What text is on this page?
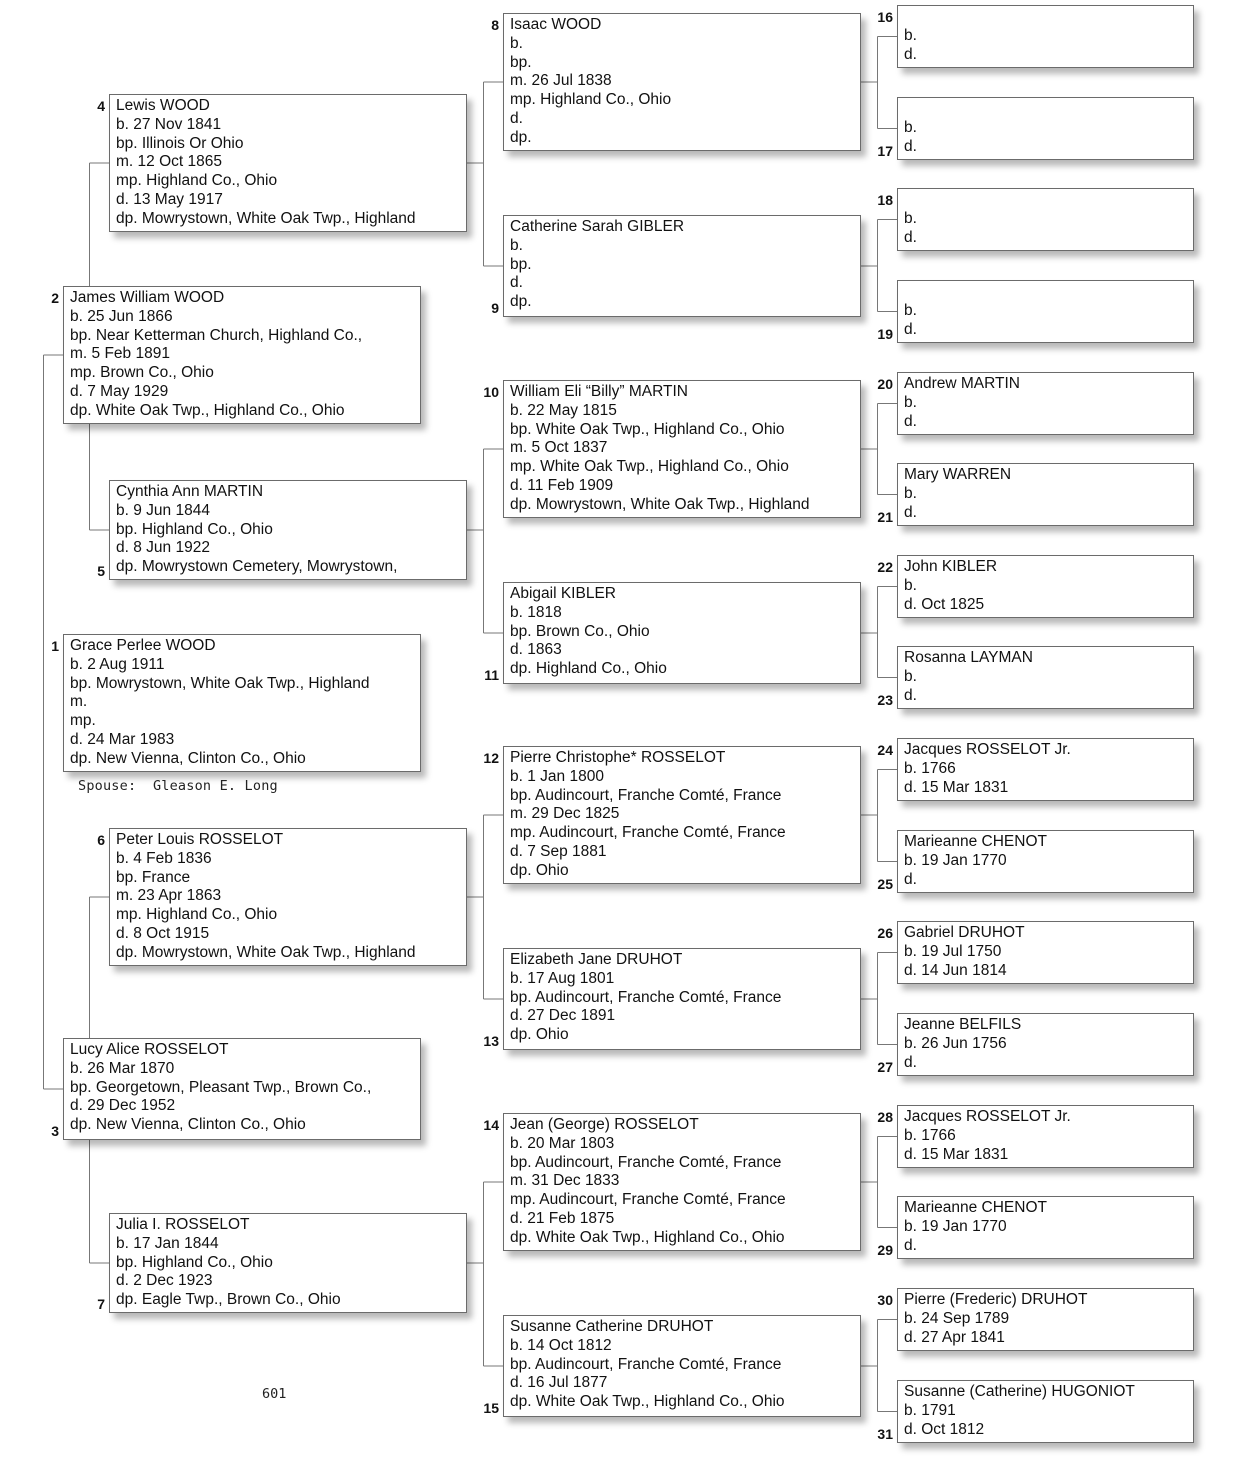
Grace Perlee WOOD
b. 2 Aug 1911
bp. Mowrystown, White Oak Twp., Highland
m.
mp.
d. 24 Mar 1983
dp. New Vienna, Clinton Co., Ohio
1
James William WOOD
b. 25 Jun 1866
bp. Near Ketterman Church, Highland Co.,
m. 5 Feb 1891
mp. Brown Co., Ohio
d. 7 May 1929
dp. White Oak Twp., Highland Co., Ohio
2
Lucy Alice ROSSELOT
b. 26 Mar 1870
bp. Georgetown, Pleasant Twp., Brown Co.,
d. 29 Dec 1952
dp. New Vienna, Clinton Co., Ohio
3
Lewis WOOD
b. 27 Nov 1841
bp. Illinois Or Ohio
m. 12 Oct 1865
mp. Highland Co., Ohio
d. 13 May 1917
dp. Mowrystown, White Oak Twp., Highland
4
Cynthia Ann MARTIN
b. 9 Jun 1844
bp. Highland Co., Ohio
d. 8 Jun 1922
dp. Mowrystown Cemetery, Mowrystown,
5
Peter Louis ROSSELOT
b. 4 Feb 1836
bp. France
m. 23 Apr 1863
mp. Highland Co., Ohio
d. 8 Oct 1915
dp. Mowrystown, White Oak Twp., Highland
6
Julia I. ROSSELOT
b. 17 Jan 1844
bp. Highland Co., Ohio
d. 2 Dec 1923
dp. Eagle Twp., Brown Co., Ohio
7
Isaac WOOD
b.
bp.
m. 26 Jul 1838
mp. Highland Co., Ohio
d.
dp.
8
Catherine Sarah GIBLER
b.
bp.
d.
dp.
9
William Eli “Billy” MARTIN
b. 22 May 1815
bp. White Oak Twp., Highland Co., Ohio
m. 5 Oct 1837
mp. White Oak Twp., Highland Co., Ohio
d. 11 Feb 1909
dp. Mowrystown, White Oak Twp., Highland
10
Abigail KIBLER
b. 1818
bp. Brown Co., Ohio
d. 1863
dp. Highland Co., Ohio
11
Pierre Christophe* ROSSELOT
b. 1 Jan 1800
bp. Audincourt, Franche Comté, France
m. 29 Dec 1825
mp. Audincourt, Franche Comté, France
d. 7 Sep 1881
dp. Ohio
12
Elizabeth Jane DRUHOT
b. 17 Aug 1801
bp. Audincourt, Franche Comté, France
d. 27 Dec 1891
dp. Ohio
13
Jean (George) ROSSELOT
b. 20 Mar 1803
bp. Audincourt, Franche Comté, France
m. 31 Dec 1833
mp. Audincourt, Franche Comté, France
d. 21 Feb 1875
dp. White Oak Twp., Highland Co., Ohio
14
Susanne Catherine DRUHOT
b. 14 Oct 1812
bp. Audincourt, Franche Comté, France
d. 16 Jul 1877
dp. White Oak Twp., Highland Co., Ohio
15
b.
d.
16
b.
d.
17
b.
d.
18
b.
d.
19
Andrew MARTIN
b.
d.
20
Mary WARREN
b.
d.
21
John KIBLER
b.
d. Oct 1825
22
Rosanna LAYMAN
b.
d.
23
Jacques ROSSELOT Jr.
b. 1766
d. 15 Mar 1831
24
Marieanne CHENOT
b. 19 Jan 1770
d.
25
Gabriel DRUHOT
b. 19 Jul 1750
d. 14 Jun 1814
26
Jeanne BELFILS
b. 26 Jun 1756
d.
27
Jacques ROSSELOT Jr.
b. 1766
d. 15 Mar 1831
28
Marieanne CHENOT
b. 19 Jan 1770
d.
29
Pierre (Frederic) DRUHOT
b. 24 Sep 1789
d. 27 Apr 1841
30
Susanne (Catherine) HUGONIOT
b. 1791
d. Oct 1812
31
Spouse: Gleason E. Long
601
